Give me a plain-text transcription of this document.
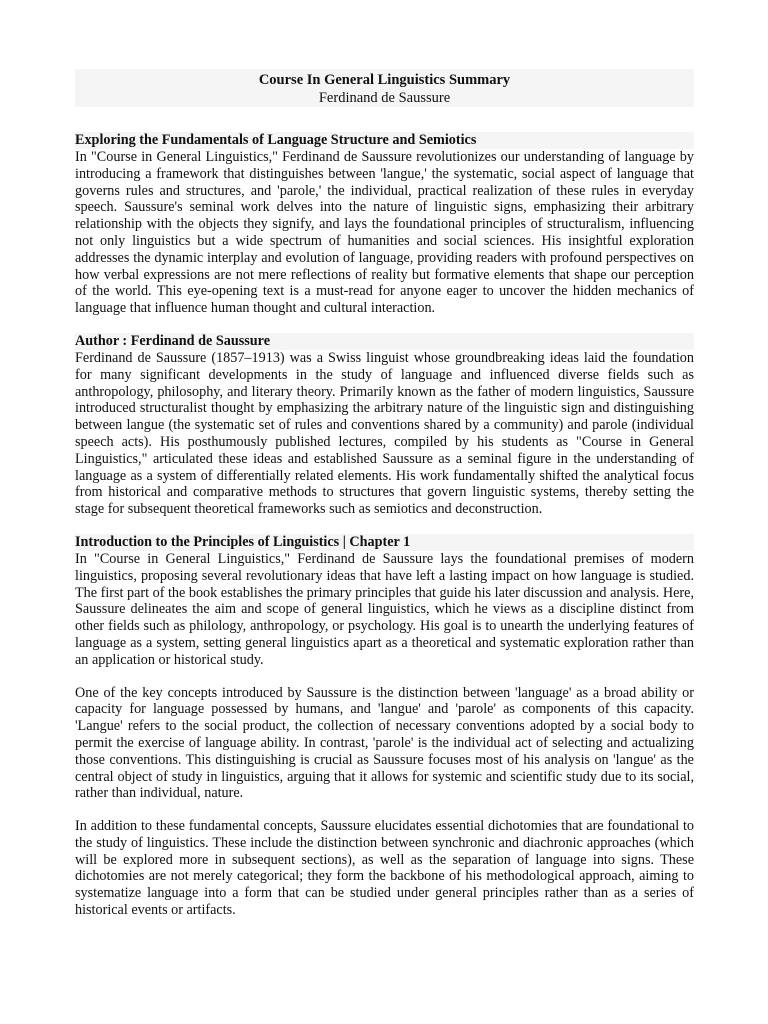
Course In General Linguistics Summary
Ferdinand de Saussure
Exploring the Fundamentals of Language Structure and Semiotics

In "Course in General Linguistics," Ferdinand de Saussure revolutionizes our understanding of language by introducing a framework that distinguishes between 'langue,' the systematic, social aspect of language that governs rules and structures, and 'parole,' the individual, practical realization of these rules in everyday speech. Saussure's seminal work delves into the nature of linguistic signs, emphasizing their arbitrary relationship with the objects they signify, and lays the foundational principles of structuralism, influencing not only linguistics but a wide spectrum of humanities and social sciences. His insightful exploration addresses the dynamic interplay and evolution of language, providing readers with profound perspectives on how verbal expressions are not mere reflections of reality but formative elements that shape our perception of the world. This eye-opening text is a must-read for anyone eager to uncover the hidden mechanics of language that influence human thought and cultural interaction.

Author : Ferdinand de Saussure

Ferdinand de Saussure (1857–1913) was a Swiss linguist whose groundbreaking ideas laid the foundation for many significant developments in the study of language and influenced diverse fields such as anthropology, philosophy, and literary theory. Primarily known as the father of modern linguistics, Saussure introduced structuralist thought by emphasizing the arbitrary nature of the linguistic sign and distinguishing between langue (the systematic set of rules and conventions shared by a community) and parole (individual speech acts). His posthumously published lectures, compiled by his students as "Course in General Linguistics," articulated these ideas and established Saussure as a seminal figure in the understanding of language as a system of differentially related elements. His work fundamentally shifted the analytical focus from historical and comparative methods to structures that govern linguistic systems, thereby setting the stage for subsequent theoretical frameworks such as semiotics and deconstruction.

Introduction to the Principles of Linguistics | Chapter 1

In "Course in General Linguistics," Ferdinand de Saussure lays the foundational premises of modern linguistics, proposing several revolutionary ideas that have left a lasting impact on how language is studied. The first part of the book establishes the primary principles that guide his later discussion and analysis. Here, Saussure delineates the aim and scope of general linguistics, which he views as a discipline distinct from other fields such as philology, anthropology, or psychology. His goal is to unearth the underlying features of language as a system, setting general linguistics apart as a theoretical and systematic exploration rather than an application or historical study.

One of the key concepts introduced by Saussure is the distinction between 'language' as a broad ability or capacity for language possessed by humans, and 'langue' and 'parole' as components of this capacity. 'Langue' refers to the social product, the collection of necessary conventions adopted by a social body to permit the exercise of language ability. In contrast, 'parole' is the individual act of selecting and actualizing those conventions. This distinguishing is crucial as Saussure focuses most of his analysis on 'langue' as the central object of study in linguistics, arguing that it allows for systemic and scientific study due to its social, rather than individual, nature.

In addition to these fundamental concepts, Saussure elucidates essential dichotomies that are foundational to the study of linguistics. These include the distinction between synchronic and diachronic approaches (which will be explored more in subsequent sections), as well as the separation of language into signs. These dichotomies are not merely categorical; they form the backbone of his methodological approach, aiming to systematize language into a form that can be studied under general principles rather than as a series of historical events or artifacts.
